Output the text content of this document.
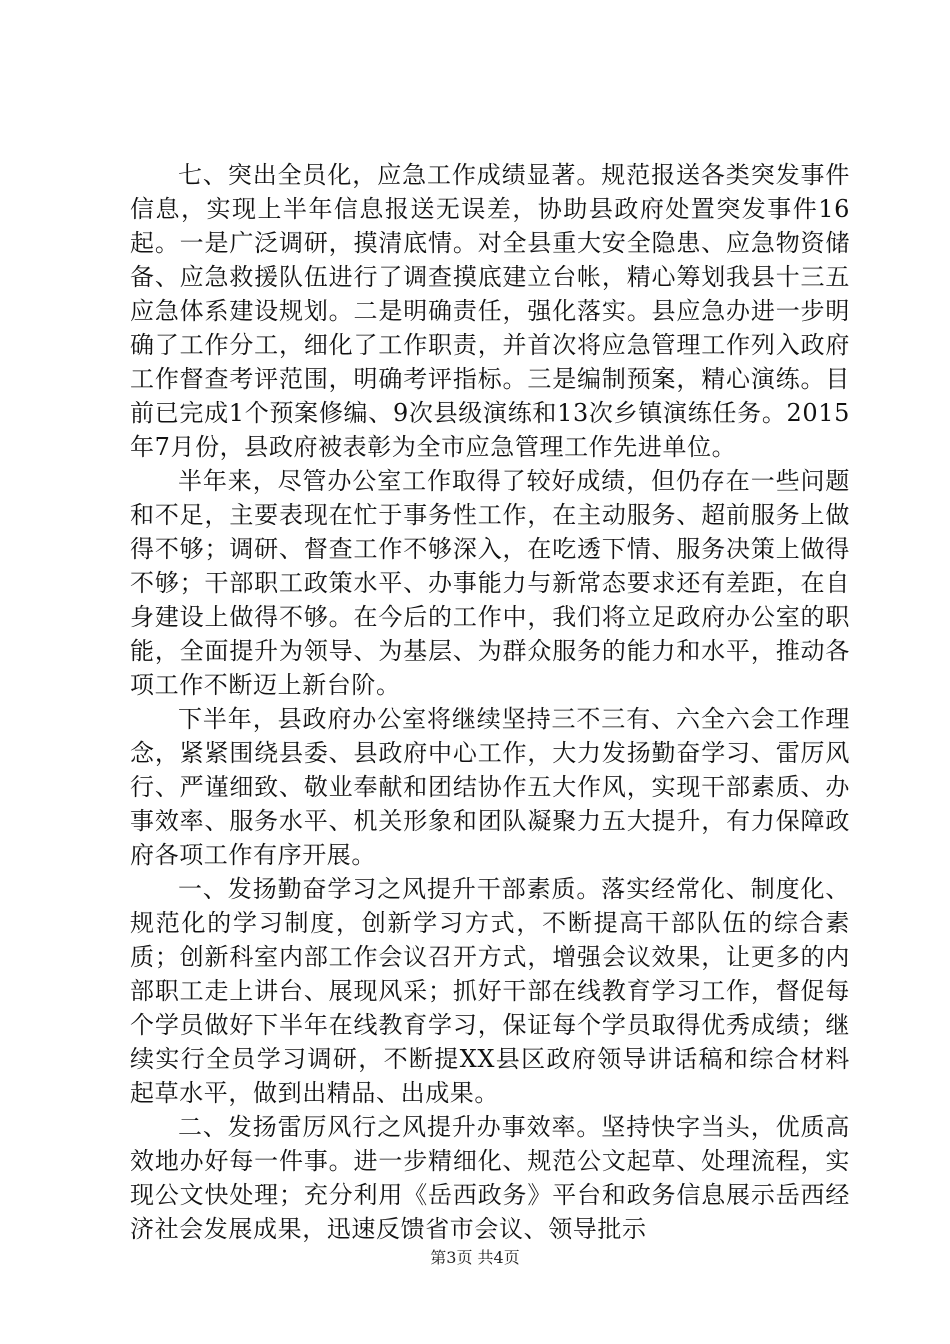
七、突出全员化，应急工作成绩显著。规范报送各类突发事件信息，实现上半年信息报送无误差，协助县政府处置突发事件16起。一是广泛调研，摸清底情。对全县重大安全隐患、应急物资储备、应急救援队伍进行了调查摸底建立台帐，精心筹划我县十三五应急体系建设规划。二是明确责任，强化落实。县应急办进一步明确了工作分工，细化了工作职责，并首次将应急管理工作列入政府工作督查考评范围，明确考评指标。三是编制预案，精心演练。目前已完成1个预案修编、9次县级演练和13次乡镇演练任务。2015年7月份，县政府被表彰为全市应急管理工作先进单位。

半年来，尽管办公室工作取得了较好成绩，但仍存在一些问题和不足，主要表现在忙于事务性工作，在主动服务、超前服务上做得不够；调研、督查工作不够深入，在吃透下情、服务决策上做得不够；干部职工政策水平、办事能力与新常态要求还有差距，在自身建设上做得不够。在今后的工作中，我们将立足政府办公室的职能，全面提升为领导、为基层、为群众服务的能力和水平，推动各项工作不断迈上新台阶。

下半年，县政府办公室将继续坚持三不三有、六全六会工作理念，紧紧围绕县委、县政府中心工作，大力发扬勤奋学习、雷厉风行、严谨细致、敬业奉献和团结协作五大作风，实现干部素质、办事效率、服务水平、机关形象和团队凝聚力五大提升，有力保障政府各项工作有序开展。

一、发扬勤奋学习之风提升干部素质。落实经常化、制度化、规范化的学习制度，创新学习方式，不断提高干部队伍的综合素质；创新科室内部工作会议召开方式，增强会议效果，让更多的内部职工走上讲台、展现风采；抓好干部在线教育学习工作，督促每个学员做好下半年在线教育学习，保证每个学员取得优秀成绩；继续实行全员学习调研，不断提XX县区政府领导讲话稿和综合材料起草水平，做到出精品、出成果。

二、发扬雷厉风行之风提升办事效率。坚持快字当头，优质高效地办好每一件事。进一步精细化、规范公文起草、处理流程，实现公文快处理；充分利用《岳西政务》平台和政务信息展示岳西经济社会发展成果，迅速反馈省市会议、领导批示

第3页 共4页
